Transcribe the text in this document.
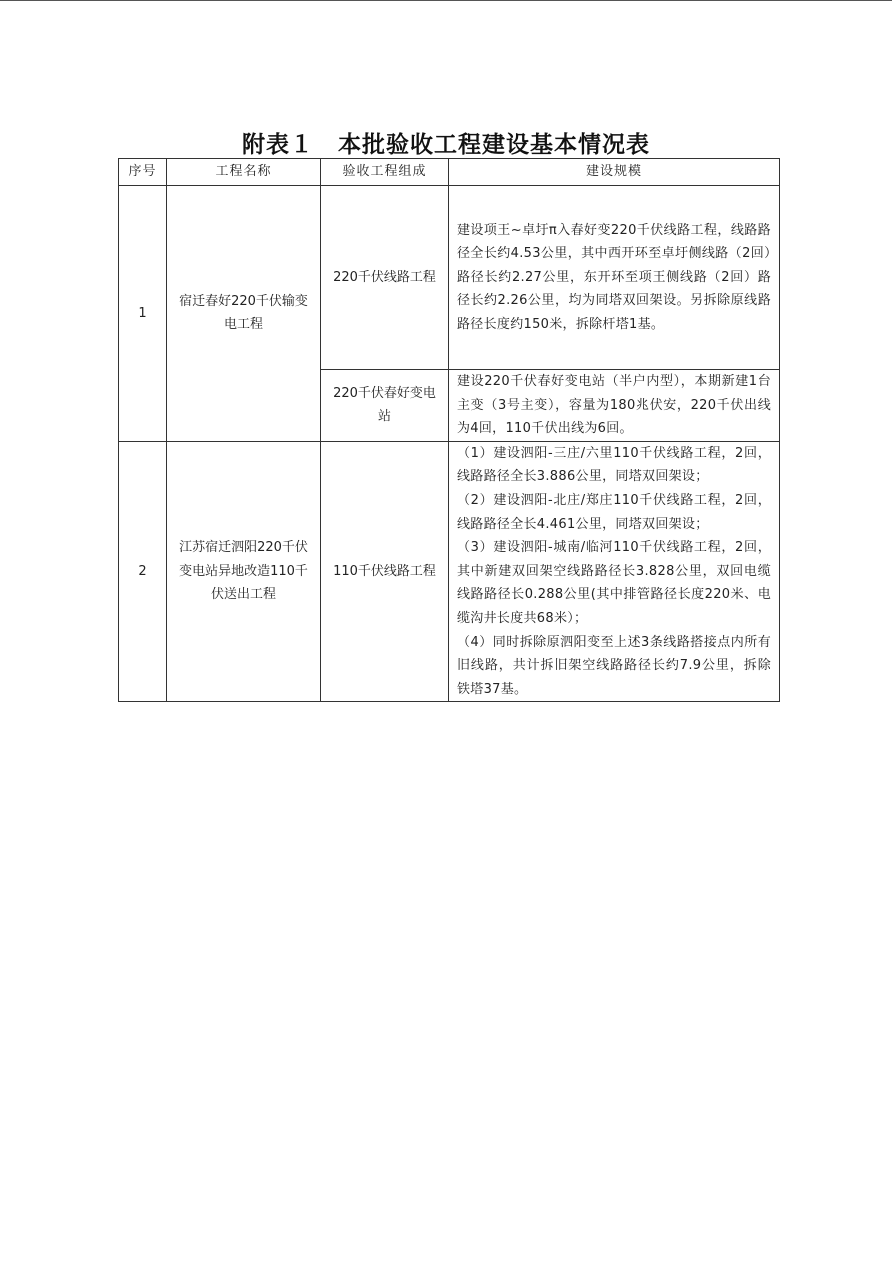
附表１　本批验收工程建设基本情况表
序号	工程名称	验收工程组成	建设规模
1	宿迁春好220千伏输变电工程	220千伏线路工程	建设项王~卓圩π入春好变220千伏线路工程，线路路径全长约4.53公里，其中西开环至卓圩侧线路（2回）路径长约2.27公里，东开环至项王侧线路（2回）路径长约2.26公里，均为同塔双回架设。另拆除原线路路径长度约150米，拆除杆塔1基。
		220千伏春好变电站	建设220千伏春好变电站（半户内型），本期新建1台主变（3号主变），容量为180兆伏安，220千伏出线为4回，110千伏出线为6回。
2	江苏宿迁泗阳220千伏变电站异地改造110千伏送出工程	110千伏线路工程	（1）建设泗阳-三庄/六里110千伏线路工程，2回，线路路径全长3.886公里，同塔双回架设；
（2）建设泗阳-北庄/郑庄110千伏线路工程，2回，线路路径全长4.461公里，同塔双回架设；
（3）建设泗阳-城南/临河110千伏线路工程，2回，其中新建双回架空线路路径长3.828公里，双回电缆线路路径长0.288公里(其中排管路径长度220米、电缆沟井长度共68米）；
（4）同时拆除原泗阳变至上述3条线路搭接点内所有旧线路，共计拆旧架空线路路径长约7.9公里，拆除铁塔37基。
